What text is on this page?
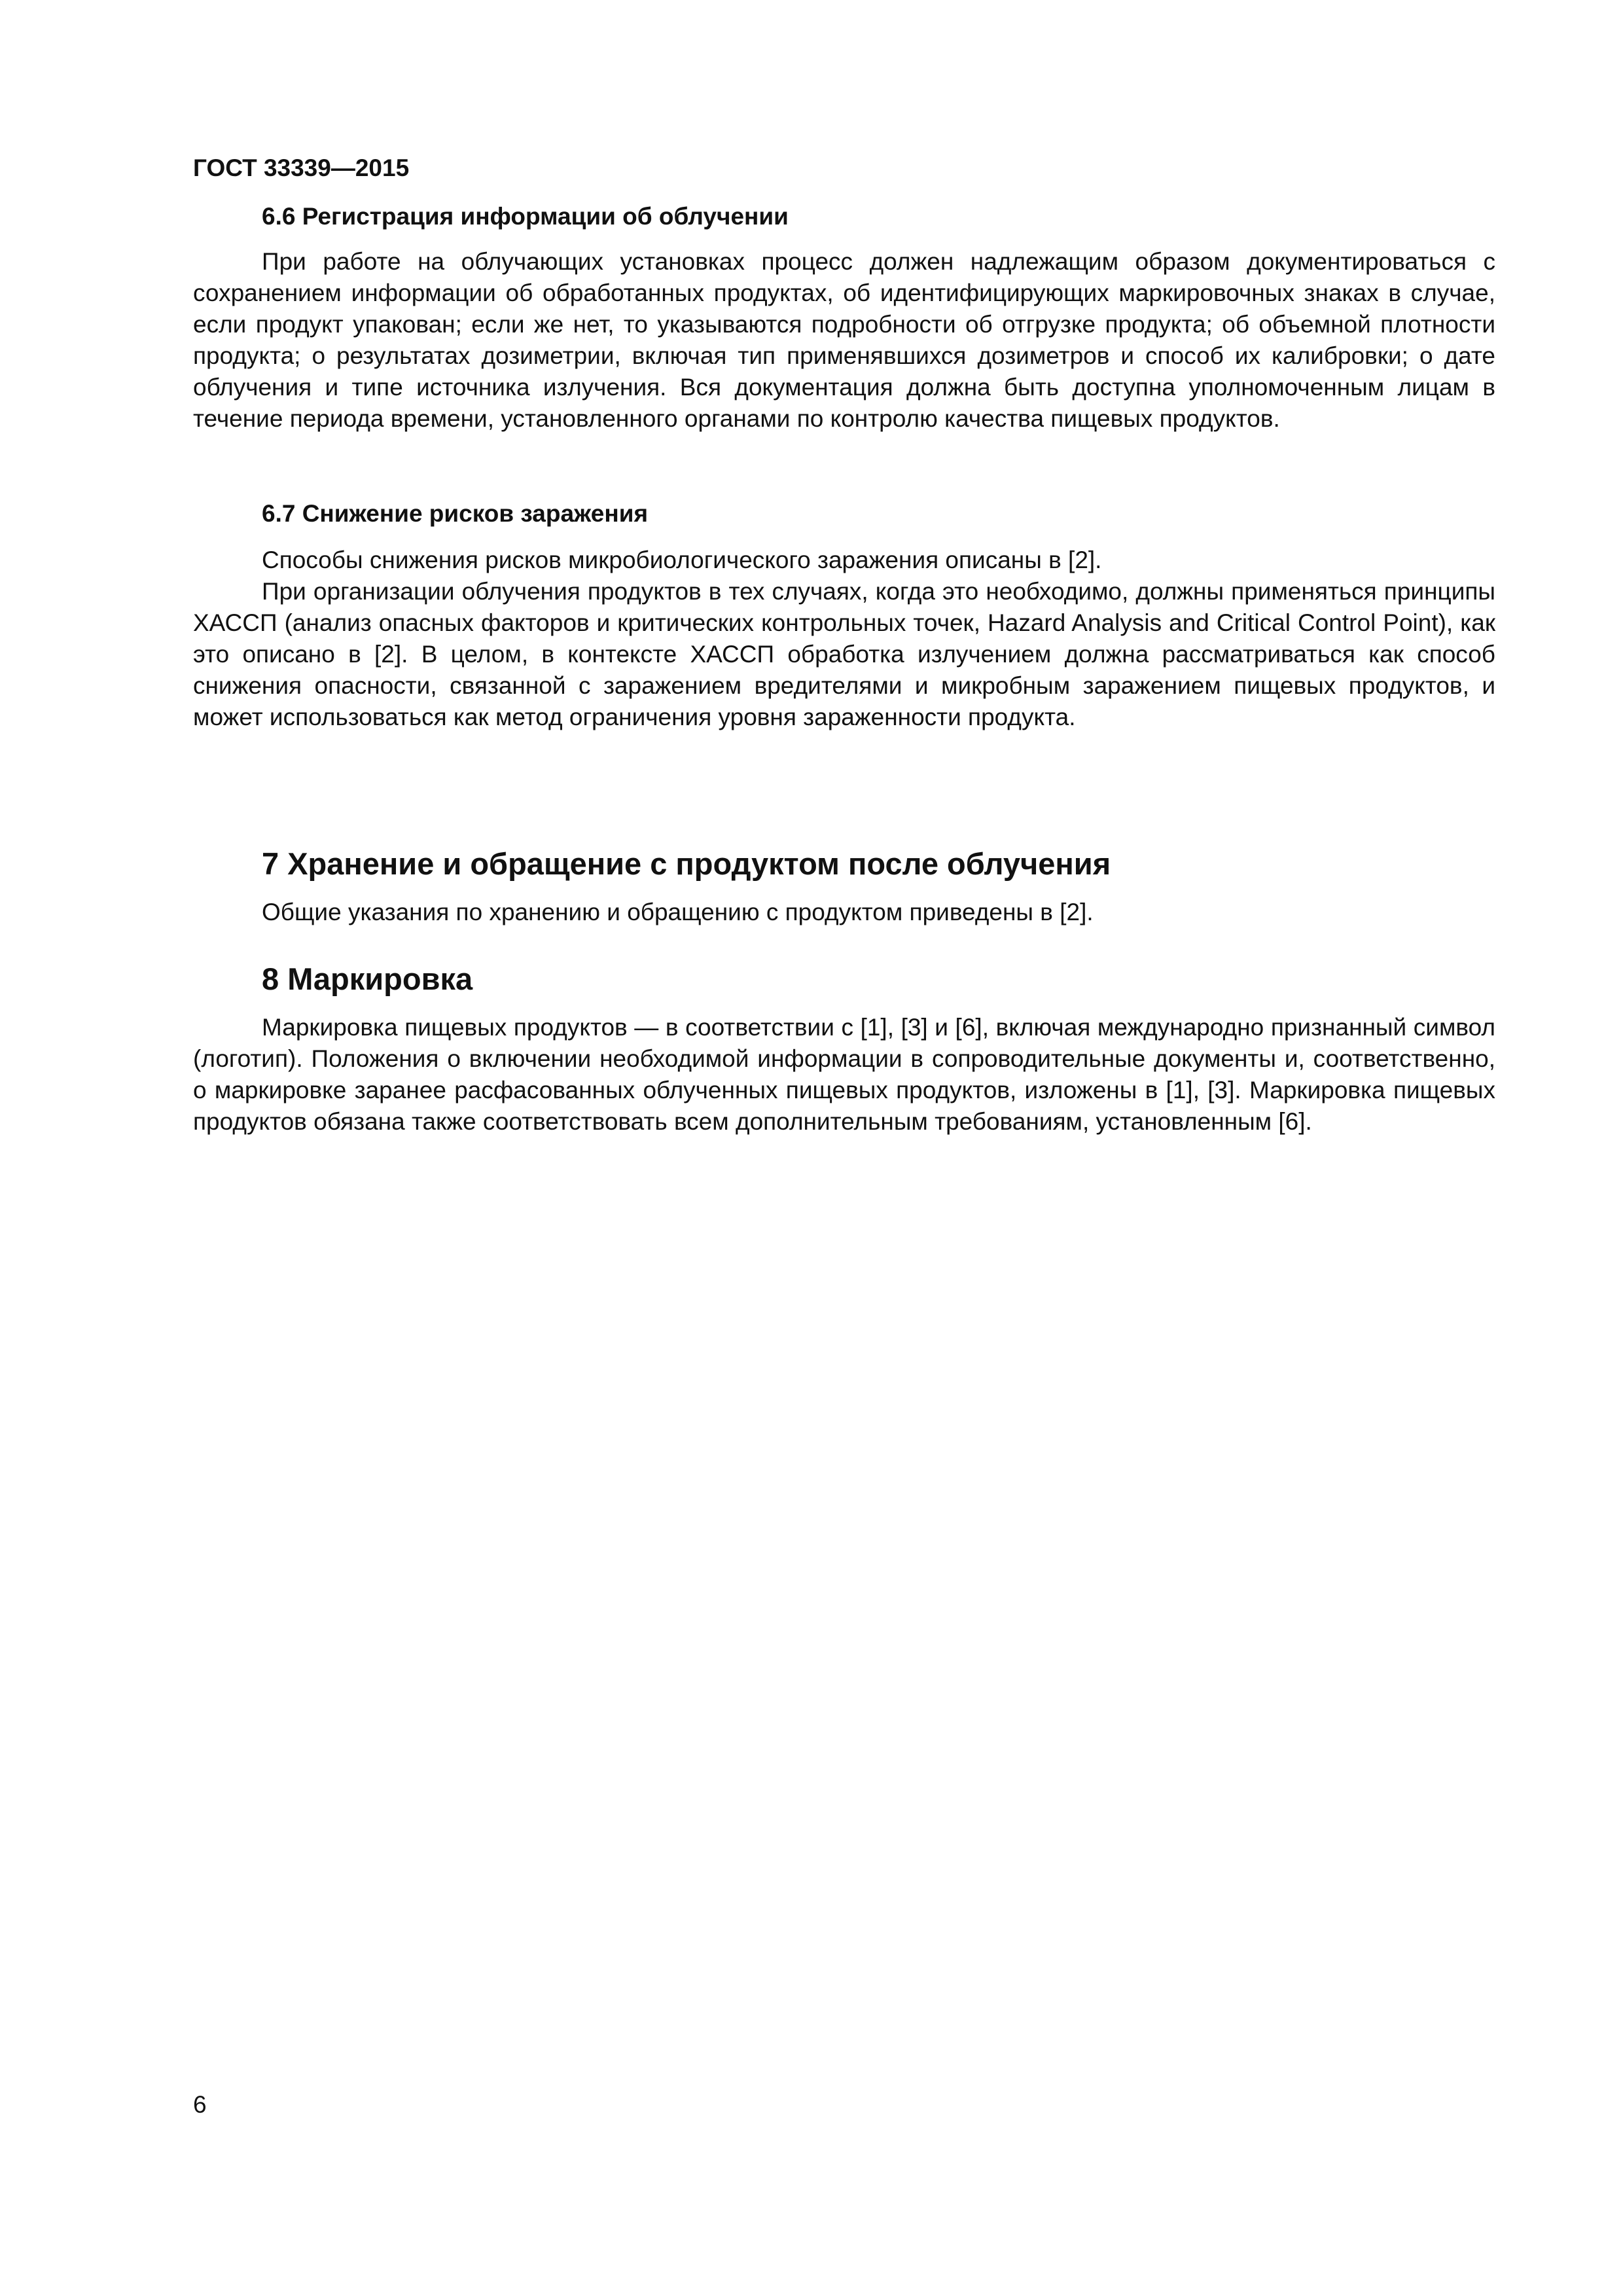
ГОСТ 33339—2015
6.6 Регистрация информации об облучении

При работе на облучающих установках процесс должен надлежащим образом документироваться с сохранением информации об обработанных продуктах, об идентифицирующих маркировочных знаках в случае, если продукт упакован; если же нет, то указываются подробности об отгрузке продукта; об объемной плотности продукта; о результатах дозиметрии, включая тип применявшихся дозиметров и способ их калибровки; о дате облучения и типе источника излучения. Вся документация должна быть доступна уполномоченным лицам в течение периода времени, установленного органами по контролю качества пищевых продуктов.

6.7 Снижение рисков заражения

Способы снижения рисков микробиологического заражения описаны в [2].

При организации облучения продуктов в тех случаях, когда это необходимо, должны применяться принципы ХАССП (анализ опасных факторов и критических контрольных точек, Hazard Analysis and Critical Control Point), как это описано в [2]. В целом, в контексте ХАССП обработка излучением должна рассматриваться как способ снижения опасности, связанной с заражением вредителями и микробным заражением пищевых продуктов, и может использоваться как метод ограничения уровня зараженности продукта.

7 Хранение и обращение с продуктом после облучения

Общие указания по хранению и обращению с продуктом приведены в [2].

8 Маркировка

Маркировка пищевых продуктов — в соответствии с [1], [3] и [6], включая международно признанный символ (логотип). Положения о включении необходимой информации в сопроводительные документы и, соответственно, о маркировке заранее расфасованных облученных пищевых продуктов, изложены в [1], [3]. Маркировка пищевых продуктов обязана также соответствовать всем дополнительным требованиям, установленным [6].

6
